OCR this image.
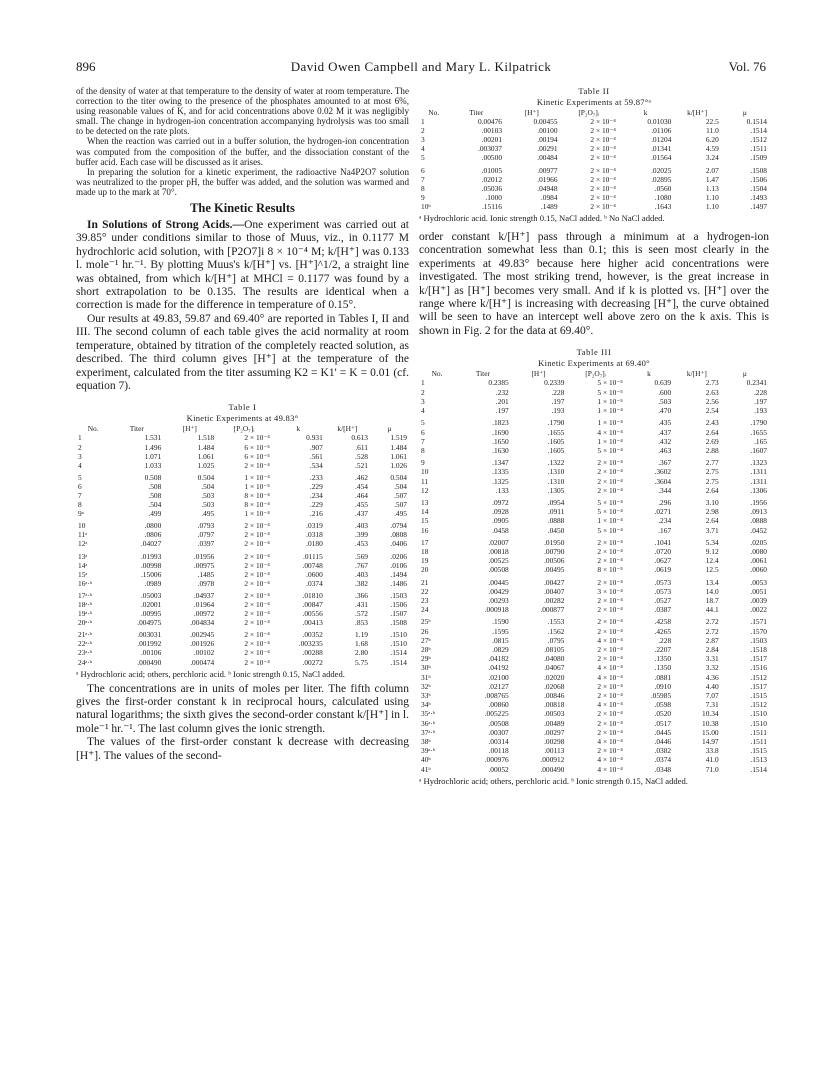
896	David Owen Campbell and Mary L. Kilpatrick	Vol. 76

of the density of water at that temperature to the density of water at room temperature. The correction to the titer owing to the presence of the phosphates amounted to at most 6%, using reasonable values of K, and for acid concentrations above 0.02 M it was negligibly small. The change in hydrogen-ion concentration accompanying hydrolysis was too small to be detected on the rate plots.

When the reaction was carried out in a buffer solution, the hydrogen-ion concentration was computed from the composition of the buffer, and the dissociation constant of the buffer acid. Each case will be discussed as it arises.

In preparing the solution for a kinetic experiment, the radioactive Na4P2O7 solution was neutralized to the proper pH, the buffer was added, and the solution was warmed and made up to the mark at 70°.

The Kinetic Results

In Solutions of Strong Acids.—One experiment was carried out at 39.85° under conditions similar to those of Muus, viz., in 0.1177 M hydrochloric acid solution, with [P2O7]i 8 × 10⁻⁴ M; k/[H⁺] was 0.133 l. mole⁻¹ hr.⁻¹. By plotting Muus's k/[H⁺] vs. [H⁺]^1/2, a straight line was obtained, from which k/[H⁺] at MHCl = 0.1177 was found by a short extrapolation to be 0.135. The results are identical when a correction is made for the difference in temperature of 0.15°.

Our results at 49.83, 59.87 and 69.40° are reported in Tables I, II and III. The second column of each table gives the acid normality at room temperature, obtained by titration of the completely reacted solution, as described. The third column gives [H⁺] at the temperature of the experiment, calculated from the titer assuming K2 = K1' = K = 0.01 (cf. equation 7).

Table I
Kinetic Experiments at 49.83°
No.	Titer	[H⁺]	[P₂O₇]ᵢ	k	k/[H⁺]	μ
1	1.531	1.518	2 × 10⁻⁴	0.931	0.613	1.519
2	1.496	1.484	6 × 10⁻⁵	.907	.611	1.484
3	1.071	1.061	6 × 10⁻⁵	.561	.528	1.061
4	1.033	1.025	2 × 10⁻⁴	.534	.521	1.026
5	0.508	0.504	1 × 10⁻⁴	.233	.462	0.504
6	.508	.504	1 × 10⁻⁵	.229	.454	.504
7	.508	.503	8 × 10⁻⁴	.234	.464	.507
8	.504	.503	8 × 10⁻⁴	.229	.455	.507
9ᵃ	.499	.495	1 × 10⁻⁴	.216	.437	.495
10	.0800	.0793	2 × 10⁻⁴	.0319	.403	.0794
11ᵃ	.0806	.0797	2 × 10⁻⁴	.0318	.399	.0808
12ᵃ	.04027	.0397	2 × 10⁻⁴	.0180	.453	.0406
13ᵃ	.01993	.01956	2 × 10⁻⁴	.01115	.569	.0206
14ᵃ	.00998	.00975	2 × 10⁻⁴	.00748	.767	.0106
15ᵃ	.15006	.1485	2 × 10⁻⁴	.0600	.403	.1494
16ᵃ·ᵇ	.0989	.0978	2 × 10⁻⁴	.0374	.382	.1486
17ᵃ·ᵇ	.05003	.04937	2 × 10⁻⁴	.01810	.366	.1503
18ᵃ·ᵇ	.02001	.01964	2 × 10⁻⁴	.00847	.431	.1506
19ᵃ·ᵇ	.00995	.00972	2 × 10⁻⁴	.00556	.572	.1507
20ᵃ·ᵇ	.004975	.004834	2 × 10⁻⁴	.00413	.853	.1508
21ᵃ·ᵇ	.003031	.002945	2 × 10⁻⁴	.00352	1.19	.1510
22ᵃ·ᵇ	.001992	.001926	2 × 10⁻⁴	.003235	1.68	.1510
23ᵃ·ᵇ	.00106	.00102	2 × 10⁻⁴	.00288	2.80	.1514
24ᵃ·ᵇ	.000490	.000474	2 × 10⁻⁴	.00272	5.75	.1514
ᵃ Hydrochloric acid; others, perchloric acid. ᵇ Ionic strength 0.15, NaCl added.

The concentrations are in units of moles per liter. The fifth column gives the first-order constant k in reciprocal hours, calculated using natural logarithms; the sixth gives the second-order constant k/[H⁺] in l. mole⁻¹ hr.⁻¹. The last column gives the ionic strength.

The values of the first-order constant k decrease with decreasing [H⁺]. The values of the second-

Table II
Kinetic Experiments at 59.87°ᵃ
No.	Titer	[H⁺]	[P₂O₇]ᵢ	k	k/[H⁺]	μ
1	0.00476	0.00455	2 × 10⁻⁴	0.01030	22.5	0.1514
2	.00103	.00100	2 × 10⁻⁴	.01106	11.0	.1514
3	.00201	.00194	2 × 10⁻⁴	.01204	6.20	.1512
4	.003037	.00291	2 × 10⁻⁴	.01341	4.59	.1511
5	.00500	.00484	2 × 10⁻⁴	.01564	3.24	.1509
6	.01005	.00977	2 × 10⁻⁴	.02025	2.07	.1508
7	.02012	.01966	2 × 10⁻⁴	.02895	1.47	.1506
8	.05036	.04948	2 × 10⁻⁴	.0560	1.13	.1504
9	.1000	.0984	2 × 10⁻⁴	.1080	1.10	.1493
10ᵇ	.15116	.1489	2 × 10⁻⁴	.1643	1.10	.1497
ᵃ Hydrochloric acid. Ionic strength 0.15, NaCl added. ᵇ No NaCl added.

order constant k/[H⁺] pass through a minimum at a hydrogen-ion concentration somewhat less than 0.1; this is seen most clearly in the experiments at 49.83° because here higher acid concentrations were investigated. The most striking trend, however, is the great increase in k/[H⁺] as [H⁺] becomes very small. And if k is plotted vs. [H⁺] over the range where k/[H⁺] is increasing with decreasing [H⁺], the curve obtained will be seen to have an intercept well above zero on the k axis. This is shown in Fig. 2 for the data at 69.40°.

Table III
Kinetic Experiments at 69.40°
No.	Titer	[H⁺]	[P₂O₇]ᵢ	k	k/[H⁺]	μ
1	0.2385	0.2339	5 × 10⁻⁵	0.639	2.73	0.2341
2	.232	.228	5 × 10⁻⁵	.600	2.63	.228
3	.201	.197	1 × 10⁻⁵	.503	2.56	.197
4	.197	.193	1 × 10⁻⁴	.470	2.54	.193
5	.1823	.1790	1 × 10⁻⁴	.435	2.43	.1790
6	.1690	.1655	4 × 10⁻⁴	.437	2.64	.1655
7	.1650	.1605	1 × 10⁻⁴	.432	2.69	.165
8	.1630	.1605	5 × 10⁻⁴	.463	2.88	.1607
9	.1347	.1322	2 × 10⁻⁴	.367	2.77	.1323
10	.1335	.1310	2 × 10⁻⁴	.3602	2.75	.1311
11	.1325	.1310	2 × 10⁻⁴	.3604	2.75	.1311
12	.133	.1305	2 × 10⁻⁴	.344	2.64	.1306
13	.0972	.0954	5 × 10⁻⁴	.296	3.10	.1956
14	.0928	.0911	5 × 10⁻⁴	.0271	2.98	.0913
15	.0905	.0888	1 × 10⁻⁴	.234	2.64	.0888
16	.0458	.0450	5 × 10⁻⁴	.167	3.71	.0452
17	.02007	.01950	2 × 10⁻⁴	.1041	5.34	.0205
18	.00818	.00790	2 × 10⁻⁴	.0720	9.12	.0080
19	.00525	.00506	2 × 10⁻⁴	.0627	12.4	.0061
20	.00508	.00495	8 × 10⁻⁵	.0619	12.5	.0060
21	.00445	.00427	2 × 10⁻⁴	.0573	13.4	.0053
22	.00429	.00407	3 × 10⁻⁴	.0573	14.0	.0051
23	.00293	.00282	2 × 10⁻⁴	.0527	18.7	.0039
24	.000918	.000877	2 × 10⁻⁴	.0387	44.1	.0022
25ᵇ	.1590	.1553	2 × 10⁻⁴	.4258	2.72	.1571
26	.1595	.1562	2 × 10⁻⁴	.4265	2.72	.1570
27ᵇ	.0815	.0795	4 × 10⁻⁴	.228	2.87	.1503
28ᵇ	.0829	.08105	2 × 10⁻⁴	.2207	2.84	.1518
29ᵇ	.04182	.04080	2 × 10⁻⁴	.1350	3.31	.1517
30ᵇ	.04192	.04067	4 × 10⁻⁴	.1350	3.32	.1516
31ᵇ	.02100	.02020	4 × 10⁻⁴	.0881	4.36	.1512
32ᵇ	.02127	.02068	2 × 10⁻⁴	.0910	4.40	.1517
33ᵇ	.008765	.00846	2 × 10⁻⁴	.05985	7.07	.1515
34ᵇ	.00860	.00818	4 × 10⁻⁴	.0598	7.31	.1512
35ᵃ·ᵇ	.005225	.00503	2 × 10⁻⁴	.0520	10.34	.1510
36ᵃ·ᵇ	.00508	.00489	2 × 10⁻⁴	.0517	10.38	.1510
37ᵃ·ᵇ	.00307	.00297	2 × 10⁻⁴	.0445	15.00	.1511
38ᵇ	.00314	.00298	4 × 10⁻⁴	.0446	14.97	.1511
39ᵃ·ᵇ	.00118	.00113	2 × 10⁻⁴	.0382	33.8	.1515
40ᵇ	.000976	.000912	4 × 10⁻⁴	.0374	41.0	.1513
41ᵇ	.00052	.000490	4 × 10⁻⁴	.0348	71.0	.1514
ᵃ Hydrochloric acid; others, perchloric acid. ᵇ Ionic strength 0.15, NaCl added.
